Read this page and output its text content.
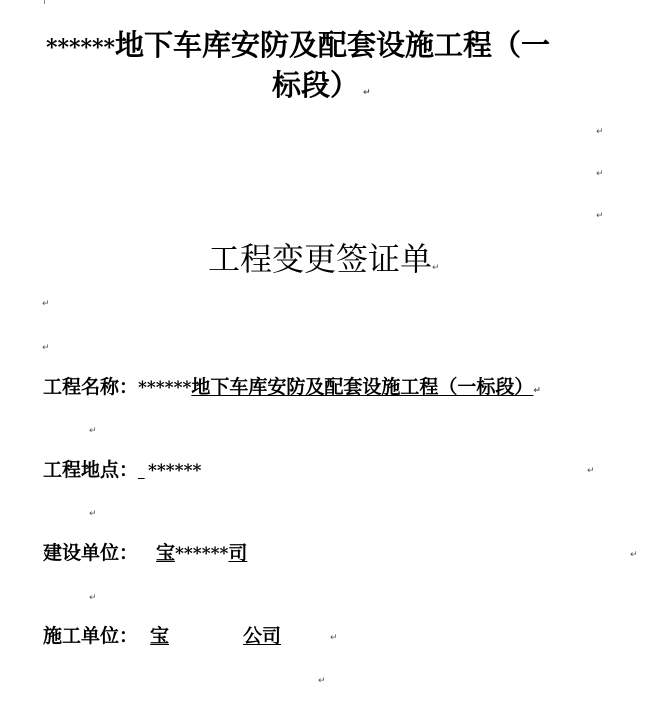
******地下车库安防及配套设施工程（一
标段） ↵
↵
↵
↵
工程变更签证单↵
↵
↵
工程名称：******地下车库安防及配套设施工程（一标段）↵
↵
工程地点： ******	↵
↵
建设单位： 宝******司	↵
↵
施工单位： 宝	公司	↵
↵
